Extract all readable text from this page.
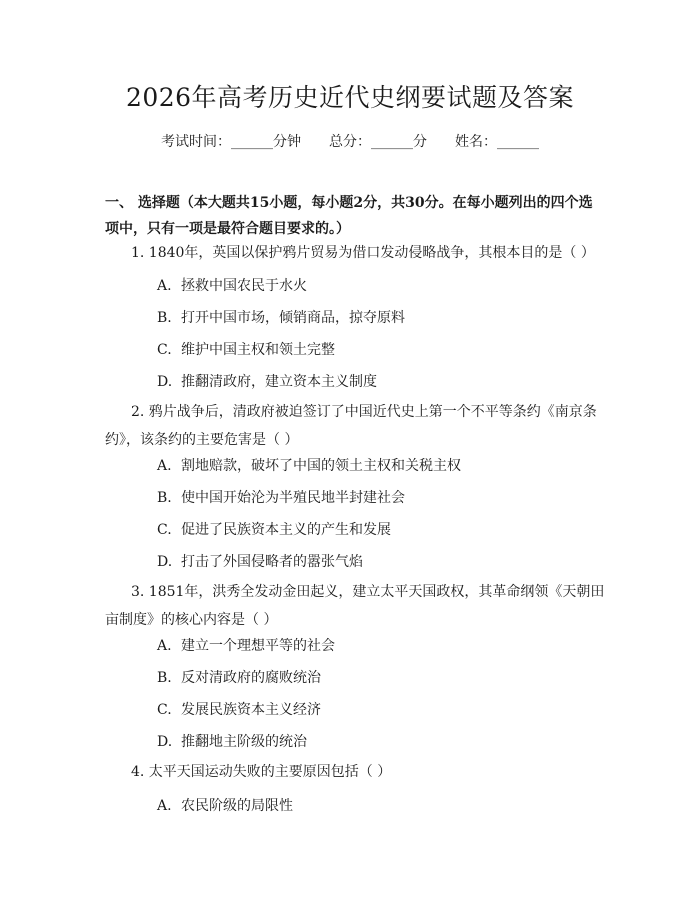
2026年高考历史近代史纲要试题及答案
考试时间：______分钟 总分：______分 姓名：______
一、 选择题（本大题共15小题，每小题2分，共30分。在每小题列出的四个选项中，只有一项是最符合题目要求的。）
1. 1840年，英国以保护鸦片贸易为借口发动侵略战争，其根本目的是（ ）
A. 拯救中国农民于水火
B. 打开中国市场，倾销商品，掠夺原料
C. 维护中国主权和领土完整
D. 推翻清政府，建立资本主义制度
2. 鸦片战争后，清政府被迫签订了中国近代史上第一个不平等条约《南京条约》，该条约的主要危害是（ ）
A. 割地赔款，破坏了中国的领土主权和关税主权
B. 使中国开始沦为半殖民地半封建社会
C. 促进了民族资本主义的产生和发展
D. 打击了外国侵略者的嚣张气焰
3. 1851年，洪秀全发动金田起义，建立太平天国政权，其革命纲领《天朝田亩制度》的核心内容是（ ）
A. 建立一个理想平等的社会
B. 反对清政府的腐败统治
C. 发展民族资本主义经济
D. 推翻地主阶级的统治
4. 太平天国运动失败的主要原因包括（ ）
A. 农民阶级的局限性
